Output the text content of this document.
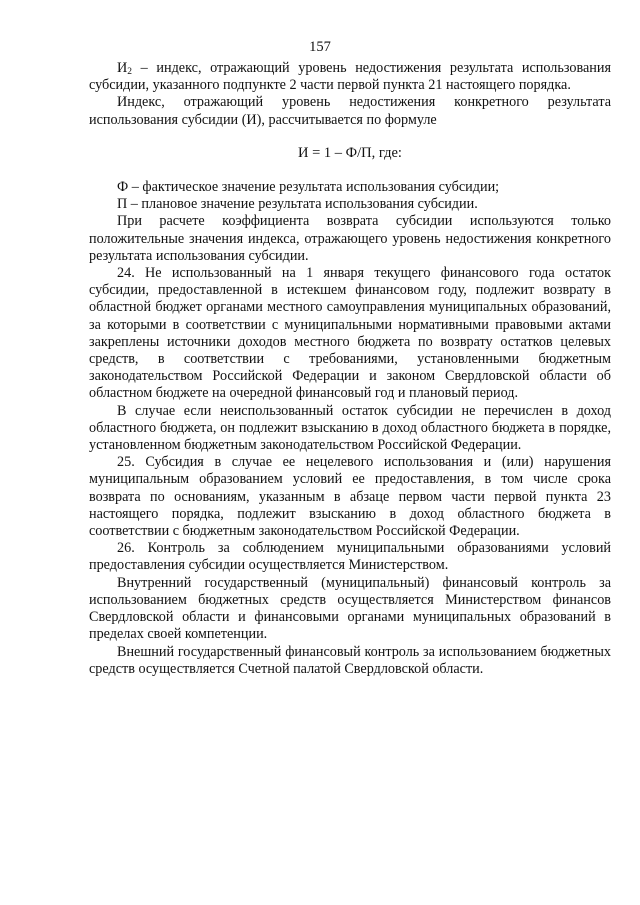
157

$И_2$ – индекс, отражающий уровень недостижения результата использования субсидии, указанного подпункте 2 части первой пункта 21 настоящего порядка.

Индекс, отражающий уровень недостижения конкретного результата использования субсидии (И), рассчитывается по формуле

И = 1 – Ф/П, где:

Ф – фактическое значение результата использования субсидии;

П – плановое значение результата использования субсидии.

При расчете коэффициента возврата субсидии используются только положительные значения индекса, отражающего уровень недостижения конкретного результата использования субсидии.

24. Не использованный на 1 января текущего финансового года остаток субсидии, предоставленной в истекшем финансовом году, подлежит возврату в областной бюджет органами местного самоуправления муниципальных образований, за которыми в соответствии с муниципальными нормативными правовыми актами закреплены источники доходов местного бюджета по возврату остатков целевых средств, в соответствии с требованиями, установленными бюджетным законодательством Российской Федерации и законом Свердловской области об областном бюджете на очередной финансовый год и плановый период.

В случае если неиспользованный остаток субсидии не перечислен в доход областного бюджета, он подлежит взысканию в доход областного бюджета в порядке, установленном бюджетным законодательством Российской Федерации.

25. Субсидия в случае ее нецелевого использования и (или) нарушения муниципальным образованием условий ее предоставления, в том числе срока возврата по основаниям, указанным в абзаце первом части первой пункта 23 настоящего порядка, подлежит взысканию в доход областного бюджета в соответствии с бюджетным законодательством Российской Федерации.

26. Контроль за соблюдением муниципальными образованиями условий предоставления субсидии осуществляется Министерством.

Внутренний государственный (муниципальный) финансовый контроль за использованием бюджетных средств осуществляется Министерством финансов Свердловской области и финансовыми органами муниципальных образований в пределах своей компетенции.

Внешний государственный финансовый контроль за использованием бюджетных средств осуществляется Счетной палатой Свердловской области.
